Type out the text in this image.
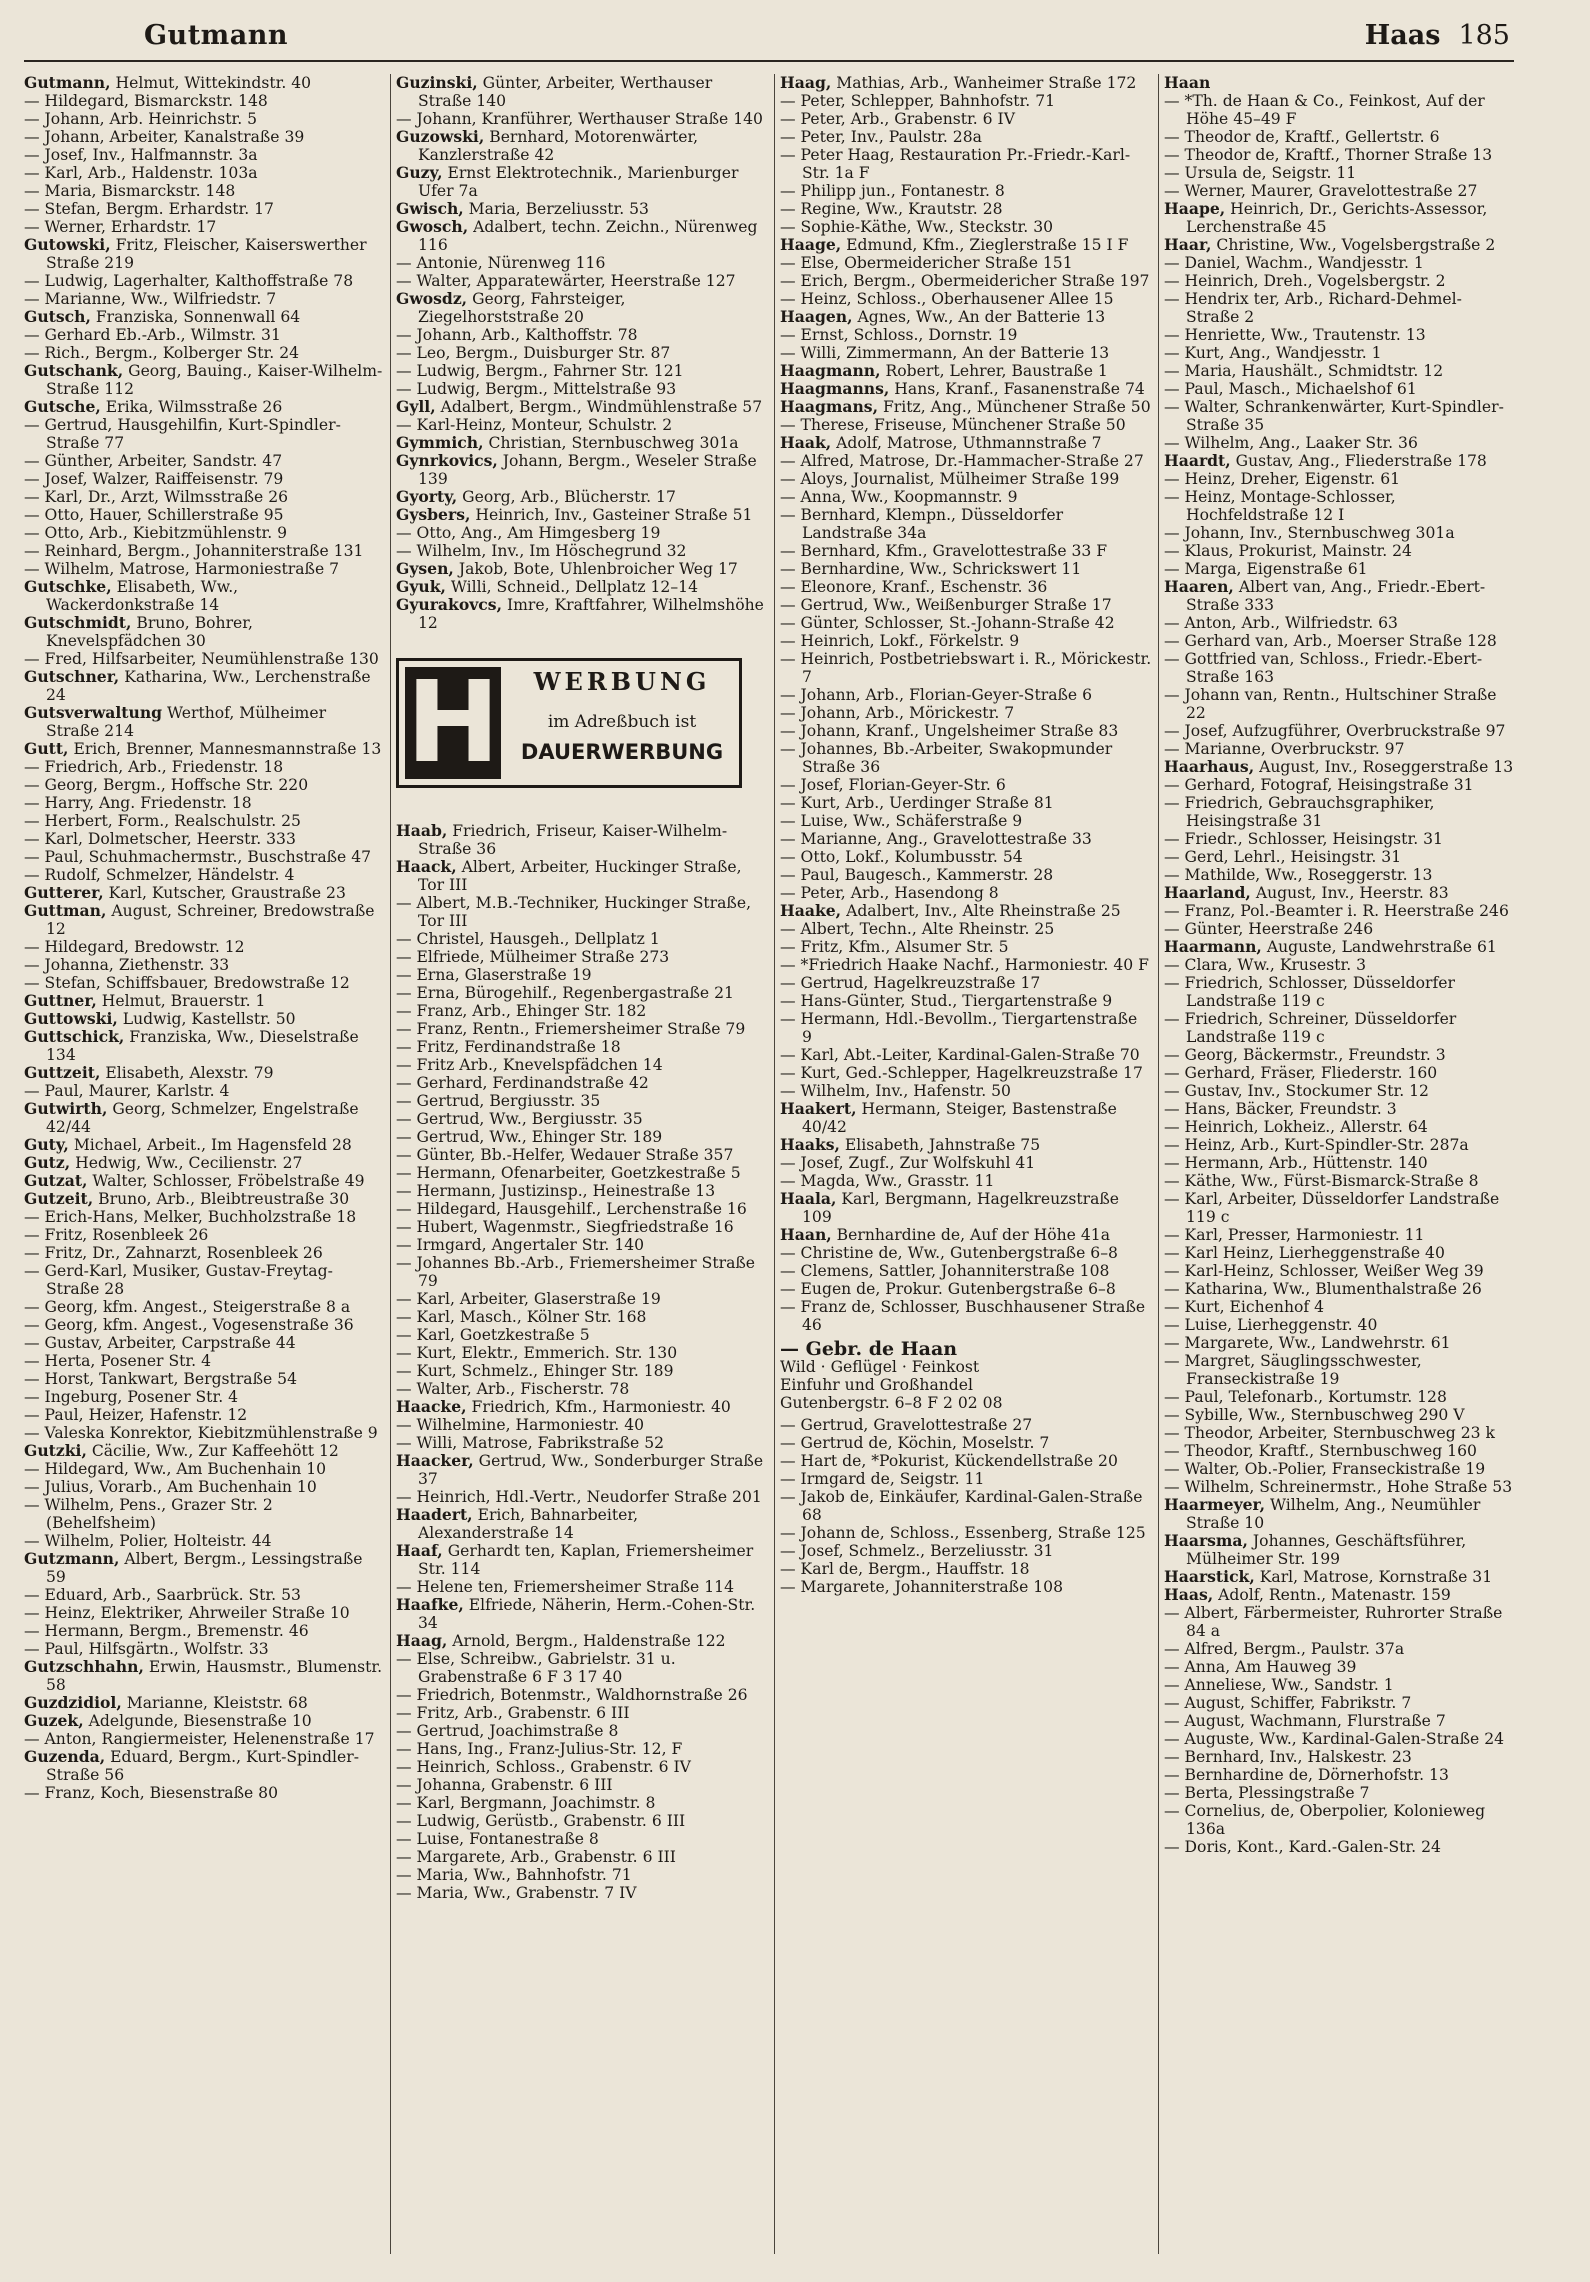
Gutmann	Haas 185

Gutmann, Helmut, Wittekindstr. 40

— Hildegard, Bismarckstr. 148

— Johann, Arb. Heinrichstr. 5

— Johann, Arbeiter, Kanalstraße 39

— Josef, Inv., Halfmannstr. 3a

— Karl, Arb., Haldenstr. 103a

— Maria, Bismarckstr. 148

— Stefan, Bergm. Erhardstr. 17

— Werner, Erhardstr. 17

Gutowski, Fritz, Fleischer, Kaiserswerther Straße 219

— Ludwig, Lagerhalter, Kalthoffstraße 78

— Marianne, Ww., Wilfriedstr. 7

Gutsch, Franziska, Sonnenwall 64

— Gerhard Eb.-Arb., Wilmstr. 31

— Rich., Bergm., Kolberger Str. 24

Gutschank, Georg, Bauing., Kaiser-Wilhelm-Straße 112

Gutsche, Erika, Wilmsstraße 26

— Gertrud, Hausgehilfin, Kurt-Spindler-Straße 77

— Günther, Arbeiter, Sandstr. 47

— Josef, Walzer, Raiffeisenstr. 79

— Karl, Dr., Arzt, Wilmsstraße 26

— Otto, Hauer, Schillerstraße 95

— Otto, Arb., Kiebitzmühlenstr. 9

— Reinhard, Bergm., Johanniterstraße 131

— Wilhelm, Matrose, Harmoniestraße 7

Gutschke, Elisabeth, Ww., Wackerdonkstraße 14

Gutschmidt, Bruno, Bohrer, Knevelspfädchen 30

— Fred, Hilfsarbeiter, Neumühlenstraße 130

Gutschner, Katharina, Ww., Lerchenstraße 24

Gutsverwaltung Werthof, Mülheimer Straße 214

Gutt, Erich, Brenner, Mannesmannstraße 13

— Friedrich, Arb., Friedenstr. 18

— Georg, Bergm., Hoffsche Str. 220

— Harry, Ang. Friedenstr. 18

— Herbert, Form., Realschulstr. 25

— Karl, Dolmetscher, Heerstr. 333

— Paul, Schuhmachermstr., Buschstraße 47

— Rudolf, Schmelzer, Händelstr. 4

Gutterer, Karl, Kutscher, Graustraße 23

Guttman, August, Schreiner, Bredowstraße 12

— Hildegard, Bredowstr. 12

— Johanna, Ziethenstr. 33

— Stefan, Schiffsbauer, Bredowstraße 12

Guttner, Helmut, Brauerstr. 1

Guttowski, Ludwig, Kastellstr. 50

Guttschick, Franziska, Ww., Dieselstraße 134

Guttzeit, Elisabeth, Alexstr. 79

— Paul, Maurer, Karlstr. 4

Gutwirth, Georg, Schmelzer, Engelstraße 42/44

Guty, Michael, Arbeit., Im Hagensfeld 28

Gutz, Hedwig, Ww., Cecilienstr. 27

Gutzat, Walter, Schlosser, Fröbelstraße 49

Gutzeit, Bruno, Arb., Bleibtreustraße 30

— Erich-Hans, Melker, Buchholzstraße 18

— Fritz, Rosenbleek 26

— Fritz, Dr., Zahnarzt, Rosenbleek 26

— Gerd-Karl, Musiker, Gustav-Freytag-Straße 28

— Georg, kfm. Angest., Steigerstraße 8 a

— Georg, kfm. Angest., Vogesenstraße 36

— Gustav, Arbeiter, Carpstraße 44

— Herta, Posener Str. 4

— Horst, Tankwart, Bergstraße 54

— Ingeburg, Posener Str. 4

— Paul, Heizer, Hafenstr. 12

— Valeska Konrektor, Kiebitzmühlenstraße 9

Gutzki, Cäcilie, Ww., Zur Kaffeehött 12

— Hildegard, Ww., Am Buchenhain 10

— Julius, Vorarb., Am Buchenhain 10

— Wilhelm, Pens., Grazer Str. 2 (Behelfsheim)

— Wilhelm, Polier, Holteistr. 44

Gutzmann, Albert, Bergm., Lessingstraße 59

— Eduard, Arb., Saarbrück. Str. 53

— Heinz, Elektriker, Ahrweiler Straße 10

— Hermann, Bergm., Bremenstr. 46

— Paul, Hilfsgärtn., Wolfstr. 33

Gutzschhahn, Erwin, Hausmstr., Blumenstr. 58

Guzdzidiol, Marianne, Kleiststr. 68

Guzek, Adelgunde, Biesenstraße 10

— Anton, Rangiermeister, Helenenstraße 17

Guzenda, Eduard, Bergm., Kurt-Spindler-Straße 56

— Franz, Koch, Biesenstraße 80

Guzinski, Günter, Arbeiter, Werthauser Straße 140

— Johann, Kranführer, Werthauser Straße 140

Guzowski, Bernhard, Motorenwärter, Kanzlerstraße 42

Guzy, Ernst Elektrotechnik., Marienburger Ufer 7a

Gwisch, Maria, Berzeliusstr. 53

Gwosch, Adalbert, techn. Zeichn., Nürenweg 116

— Antonie, Nürenweg 116

— Walter, Apparatewärter, Heerstraße 127

Gwosdz, Georg, Fahrsteiger, Ziegelhorststraße 20

— Johann, Arb., Kalthoffstr. 78

— Leo, Bergm., Duisburger Str. 87

— Ludwig, Bergm., Fahrner Str. 121

— Ludwig, Bergm., Mittelstraße 93

Gyll, Adalbert, Bergm., Windmühlenstraße 57

— Karl-Heinz, Monteur, Schulstr. 2

Gymmich, Christian, Sternbuschweg 301a

Gynrkovics, Johann, Bergm., Weseler Straße 139

Gyorty, Georg, Arb., Blücherstr. 17

Gysbers, Heinrich, Inv., Gasteiner Straße 51

— Otto, Ang., Am Himgesberg 19

— Wilhelm, Inv., Im Höschegrund 32

Gysen, Jakob, Bote, Uhlenbroicher Weg 17

Gyuk, Willi, Schneid., Dellplatz 12–14

Gyurakovcs, Imre, Kraftfahrer, Wilhelmshöhe 12

H	WERBUNG
im Adreßbuch ist
DAUERWERBUNG

Haab, Friedrich, Friseur, Kaiser-Wilhelm-Straße 36

Haack, Albert, Arbeiter, Huckinger Straße, Tor III

— Albert, M.B.-Techniker, Huckinger Straße, Tor III

— Christel, Hausgeh., Dellplatz 1

— Elfriede, Mülheimer Straße 273

— Erna, Glaserstraße 19

— Erna, Bürogehilf., Regenbergastraße 21

— Franz, Arb., Ehinger Str. 182

— Franz, Rentn., Friemersheimer Straße 79

— Fritz, Ferdinandstraße 18

— Fritz Arb., Knevelspfädchen 14

— Gerhard, Ferdinandstraße 42

— Gertrud, Bergiusstr. 35

— Gertrud, Ww., Bergiusstr. 35

— Gertrud, Ww., Ehinger Str. 189

— Günter, Bb.-Helfer, Wedauer Straße 357

— Hermann, Ofenarbeiter, Goetzkestraße 5

— Hermann, Justizinsp., Heinestraße 13

— Hildegard, Hausgehilf., Lerchenstraße 16

— Hubert, Wagenmstr., Siegfriedstraße 16

— Irmgard, Angertaler Str. 140

— Johannes Bb.-Arb., Friemersheimer Straße 79

— Karl, Arbeiter, Glaserstraße 19

— Karl, Masch., Kölner Str. 168

— Karl, Goetzkestraße 5

— Kurt, Elektr., Emmerich. Str. 130

— Kurt, Schmelz., Ehinger Str. 189

— Walter, Arb., Fischerstr. 78

Haacke, Friedrich, Kfm., Harmoniestr. 40

— Wilhelmine, Harmoniestr. 40

— Willi, Matrose, Fabrikstraße 52

Haacker, Gertrud, Ww., Sonderburger Straße 37

— Heinrich, Hdl.-Vertr., Neudorfer Straße 201

Haadert, Erich, Bahnarbeiter, Alexanderstraße 14

Haaf, Gerhardt ten, Kaplan, Friemersheimer Str. 114

— Helene ten, Friemersheimer Straße 114

Haafke, Elfriede, Näherin, Herm.-Cohen-Str. 34

Haag, Arnold, Bergm., Haldenstraße 122

— Else, Schreibw., Gabrielstr. 31 u. Grabenstraße 6 F 3 17 40

— Friedrich, Botenmstr., Waldhornstraße 26

— Fritz, Arb., Grabenstr. 6 III

— Gertrud, Joachimstraße 8

— Hans, Ing., Franz-Julius-Str. 12, F

— Heinrich, Schloss., Grabenstr. 6 IV

— Johanna, Grabenstr. 6 III

— Karl, Bergmann, Joachimstr. 8

— Ludwig, Gerüstb., Grabenstr. 6 III

— Luise, Fontanestraße 8

— Margarete, Arb., Grabenstr. 6 III

— Maria, Ww., Bahnhofstr. 71

— Maria, Ww., Grabenstr. 7 IV

Haag, Mathias, Arb., Wanheimer Straße 172

— Peter, Schlepper, Bahnhofstr. 71

— Peter, Arb., Grabenstr. 6 IV

— Peter, Inv., Paulstr. 28a

— Peter Haag, Restauration Pr.-Friedr.-Karl-Str. 1a F

— Philipp jun., Fontanestr. 8

— Regine, Ww., Krautstr. 28

— Sophie-Käthe, Ww., Steckstr. 30

Haage, Edmund, Kfm., Zieglerstraße 15 I F

— Else, Obermeidericher Straße 151

— Erich, Bergm., Obermeidericher Straße 197

— Heinz, Schloss., Oberhausener Allee 15

Haagen, Agnes, Ww., An der Batterie 13

— Ernst, Schloss., Dornstr. 19

— Willi, Zimmermann, An der Batterie 13

Haagmann, Robert, Lehrer, Baustraße 1

Haagmanns, Hans, Kranf., Fasanenstraße 74

Haagmans, Fritz, Ang., Münchener Straße 50

— Therese, Friseuse, Münchener Straße 50

Haak, Adolf, Matrose, Uthmannstraße 7

— Alfred, Matrose, Dr.-Hammacher-Straße 27

— Aloys, Journalist, Mülheimer Straße 199

— Anna, Ww., Koopmannstr. 9

— Bernhard, Klempn., Düsseldorfer Landstraße 34a

— Bernhard, Kfm., Gravelottestraße 33 F

— Bernhardine, Ww., Schrickswert 11

— Eleonore, Kranf., Eschenstr. 36

— Gertrud, Ww., Weißenburger Straße 17

— Günter, Schlosser, St.-Johann-Straße 42

— Heinrich, Lokf., Förkelstr. 9

— Heinrich, Postbetriebswart i. R., Mörickestr. 7

— Johann, Arb., Florian-Geyer-Straße 6

— Johann, Arb., Mörickestr. 7

— Johann, Kranf., Ungelsheimer Straße 83

— Johannes, Bb.-Arbeiter, Swakopmunder Straße 36

— Josef, Florian-Geyer-Str. 6

— Kurt, Arb., Uerdinger Straße 81

— Luise, Ww., Schäferstraße 9

— Marianne, Ang., Gravelottestraße 33

— Otto, Lokf., Kolumbusstr. 54

— Paul, Baugesch., Kammerstr. 28

— Peter, Arb., Hasendong 8

Haake, Adalbert, Inv., Alte Rheinstraße 25

— Albert, Techn., Alte Rheinstr. 25

— Fritz, Kfm., Alsumer Str. 5

— *Friedrich Haake Nachf., Harmoniestr. 40 F

— Gertrud, Hagelkreuzstraße 17

— Hans-Günter, Stud., Tiergartenstraße 9

— Hermann, Hdl.-Bevollm., Tiergartenstraße 9

— Karl, Abt.-Leiter, Kardinal-Galen-Straße 70

— Kurt, Ged.-Schlepper, Hagelkreuzstraße 17

— Wilhelm, Inv., Hafenstr. 50

Haakert, Hermann, Steiger, Bastenstraße 40/42

Haaks, Elisabeth, Jahnstraße 75

— Josef, Zugf., Zur Wolfskuhl 41

— Magda, Ww., Grasstr. 11

Haala, Karl, Bergmann, Hagelkreuzstraße 109

Haan, Bernhardine de, Auf der Höhe 41a

— Christine de, Ww., Gutenbergstraße 6–8

— Clemens, Sattler, Johanniterstraße 108

— Eugen de, Prokur. Gutenbergstraße 6–8

— Franz de, Schlosser, Buschhausener Straße 46

— Gebr. de Haan
Wild · Geflügel · Feinkost
Einfuhr und Großhandel
Gutenbergstr. 6–8 F 2 02 08

— Gertrud, Gravelottestraße 27

— Gertrud de, Köchin, Moselstr. 7

— Hart de, *Pokurist, Kückendellstraße 20

— Irmgard de, Seigstr. 11

— Jakob de, Einkäufer, Kardinal-Galen-Straße 68

— Johann de, Schloss., Essenberg, Straße 125

— Josef, Schmelz., Berzeliusstr. 31

— Karl de, Bergm., Hauffstr. 18

— Margarete, Johanniterstraße 108

Haan

— *Th. de Haan & Co., Feinkost, Auf der Höhe 45–49 F

— Theodor de, Kraftf., Gellertstr. 6

— Theodor de, Kraftf., Thorner Straße 13

— Ursula de, Seigstr. 11

— Werner, Maurer, Gravelottestraße 27

Haape, Heinrich, Dr., Gerichts-Assessor, Lerchenstraße 45

Haar, Christine, Ww., Vogelsbergstraße 2

— Daniel, Wachm., Wandjesstr. 1

— Heinrich, Dreh., Vogelsbergstr. 2

— Hendrix ter, Arb., Richard-Dehmel-Straße 2

— Henriette, Ww., Trautenstr. 13

— Kurt, Ang., Wandjesstr. 1

— Maria, Haushält., Schmidtstr. 12

— Paul, Masch., Michaelshof 61

— Walter, Schrankenwärter, Kurt-Spindler-Straße 35

— Wilhelm, Ang., Laaker Str. 36

Haardt, Gustav, Ang., Fliederstraße 178

— Heinz, Dreher, Eigenstr. 61

— Heinz, Montage-Schlosser, Hochfeldstraße 12 I

— Johann, Inv., Sternbuschweg 301a

— Klaus, Prokurist, Mainstr. 24

— Marga, Eigenstraße 61

Haaren, Albert van, Ang., Friedr.-Ebert-Straße 333

— Anton, Arb., Wilfriedstr. 63

— Gerhard van, Arb., Moerser Straße 128

— Gottfried van, Schloss., Friedr.-Ebert-Straße 163

— Johann van, Rentn., Hultschiner Straße 22

— Josef, Aufzugführer, Overbruckstraße 97

— Marianne, Overbruckstr. 97

Haarhaus, August, Inv., Roseggerstraße 13

— Gerhard, Fotograf, Heisingstraße 31

— Friedrich, Gebrauchsgraphiker, Heisingstraße 31

— Friedr., Schlosser, Heisingstr. 31

— Gerd, Lehrl., Heisingstr. 31

— Mathilde, Ww., Roseggerstr. 13

Haarland, August, Inv., Heerstr. 83

— Franz, Pol.-Beamter i. R. Heerstraße 246

— Günter, Heerstraße 246

Haarmann, Auguste, Landwehrstraße 61

— Clara, Ww., Krusestr. 3

— Friedrich, Schlosser, Düsseldorfer Landstraße 119 c

— Friedrich, Schreiner, Düsseldorfer Landstraße 119 c

— Georg, Bäckermstr., Freundstr. 3

— Gerhard, Fräser, Fliederstr. 160

— Gustav, Inv., Stockumer Str. 12

— Hans, Bäcker, Freundstr. 3

— Heinrich, Lokheiz., Allerstr. 64

— Heinz, Arb., Kurt-Spindler-Str. 287a

— Hermann, Arb., Hüttenstr. 140

— Käthe, Ww., Fürst-Bismarck-Straße 8

— Karl, Arbeiter, Düsseldorfer Landstraße 119 c

— Karl, Presser, Harmoniestr. 11

— Karl Heinz, Lierheggenstraße 40

— Karl-Heinz, Schlosser, Weißer Weg 39

— Katharina, Ww., Blumenthalstraße 26

— Kurt, Eichenhof 4

— Luise, Lierheggenstr. 40

— Margarete, Ww., Landwehrstr. 61

— Margret, Säuglingsschwester, Franseckistraße 19

— Paul, Telefonarb., Kortumstr. 128

— Sybille, Ww., Sternbuschweg 290 V

— Theodor, Arbeiter, Sternbuschweg 23 k

— Theodor, Kraftf., Sternbuschweg 160

— Walter, Ob.-Polier, Franseckistraße 19

— Wilhelm, Schreinermstr., Hohe Straße 53

Haarmeyer, Wilhelm, Ang., Neumühler Straße 10

Haarsma, Johannes, Geschäftsführer, Mülheimer Str. 199

Haarstick, Karl, Matrose, Kornstraße 31

Haas, Adolf, Rentn., Matenastr. 159

— Albert, Färbermeister, Ruhrorter Straße 84 a

— Alfred, Bergm., Paulstr. 37a

— Anna, Am Hauweg 39

— Anneliese, Ww., Sandstr. 1

— August, Schiffer, Fabrikstr. 7

— August, Wachmann, Flurstraße 7

— Auguste, Ww., Kardinal-Galen-Straße 24

— Bernhard, Inv., Halskestr. 23

— Bernhardine de, Dörnerhofstr. 13

— Berta, Plessingstraße 7

— Cornelius, de, Oberpolier, Kolonieweg 136a

— Doris, Kont., Kard.-Galen-Str. 24
